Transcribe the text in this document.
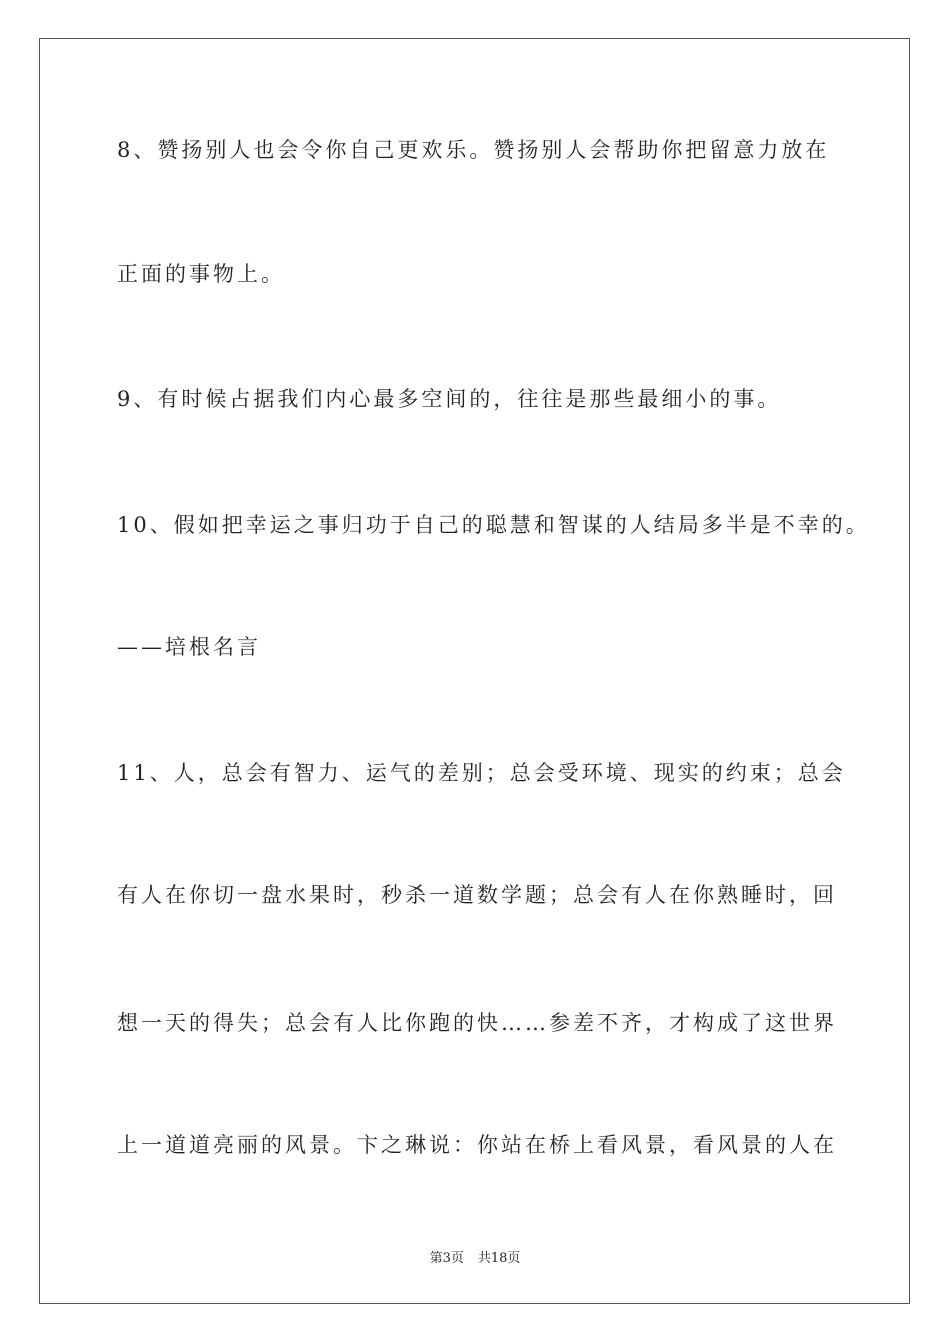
8、赞扬别人也会令你自己更欢乐。赞扬别人会帮助你把留意力放在
正面的事物上。
9、有时候占据我们内心最多空间的，往往是那些最细小的事。
10、假如把幸运之事归功于自己的聪慧和智谋的人结局多半是不幸的。
——培根名言
11、人，总会有智力、运气的差别；总会受环境、现实的约束；总会
有人在你切一盘水果时，秒杀一道数学题；总会有人在你熟睡时，回
想一天的得失；总会有人比你跑的快……参差不齐，才构成了这世界
上一道道亮丽的风景。卞之琳说：你站在桥上看风景，看风景的人在
第3页 共18页
